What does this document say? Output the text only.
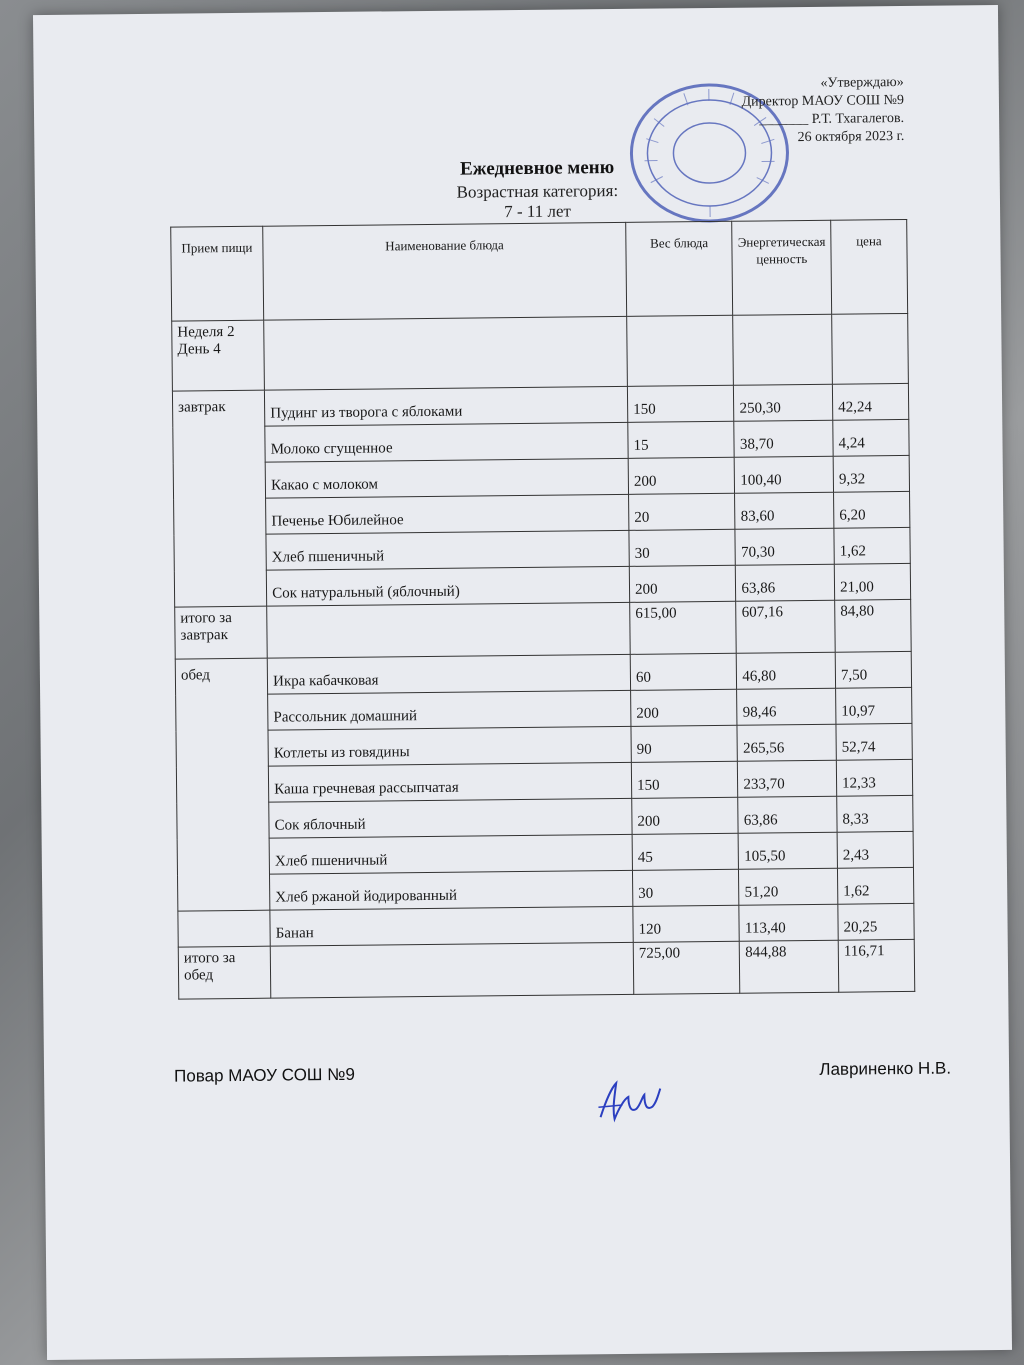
«Утверждаю»
Директор МАОУ СОШ №9
_______ Р.Т. Тхагалегов.
26 октября 2023 г.
Ежедневное меню
Возрастная категория:
7 - 11 лет
Прием пищи	Наименование блюда	Вес блюда	Энергетическая ценность	цена
Неделя 2 День 4				
завтрак	Пудинг из творога с яблоками	150	250,30	42,24
	Молоко сгущенное	15	38,70	4,24
	Какао с молоком	200	100,40	9,32
	Печенье Юбилейное	20	83,60	6,20
	Хлеб пшеничный	30	70,30	1,62
	Сок натуральный (яблочный)	200	63,86	21,00
итого за завтрак		615,00	607,16	84,80
обед	Икра кабачковая	60	46,80	7,50
	Рассольник домашний	200	98,46	10,97
	Котлеты из говядины	90	265,56	52,74
	Каша гречневая рассыпчатая	150	233,70	12,33
	Сок яблочный	200	63,86	8,33
	Хлеб пшеничный	45	105,50	2,43
	Хлеб ржаной йодированный	30	51,20	1,62
	Банан	120	113,40	20,25
итого за обед		725,00	844,88	116,71
Повар МАОУ СОШ №9	Лавриненко Н.В.
